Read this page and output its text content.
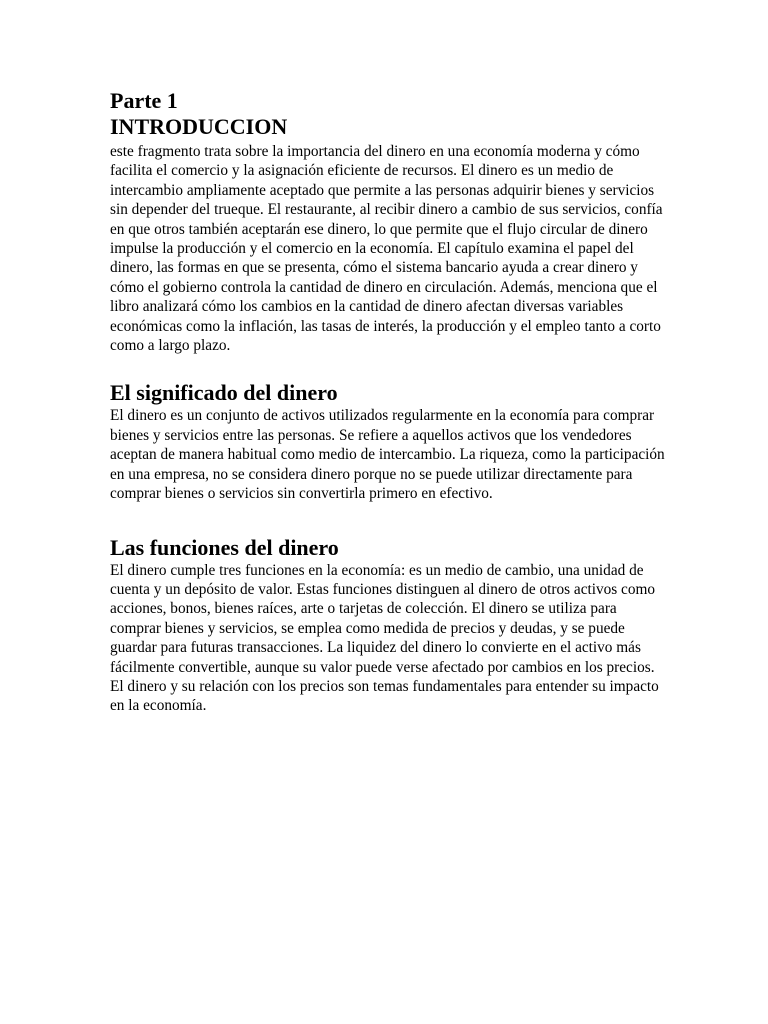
Parte 1
INTRODUCCION

este fragmento trata sobre la importancia del dinero en una economía moderna y cómo facilita el comercio y la asignación eficiente de recursos. El dinero es un medio de intercambio ampliamente aceptado que permite a las personas adquirir bienes y servicios sin depender del trueque. El restaurante, al recibir dinero a cambio de sus servicios, confía en que otros también aceptarán ese dinero, lo que permite que el flujo circular de dinero impulse la producción y el comercio en la economía. El capítulo examina el papel del dinero, las formas en que se presenta, cómo el sistema bancario ayuda a crear dinero y cómo el gobierno controla la cantidad de dinero en circulación. Además, menciona que el libro analizará cómo los cambios en la cantidad de dinero afectan diversas variables económicas como la inflación, las tasas de interés, la producción y el empleo tanto a corto como a largo plazo.

El significado del dinero

El dinero es un conjunto de activos utilizados regularmente en la economía para comprar bienes y servicios entre las personas. Se refiere a aquellos activos que los vendedores aceptan de manera habitual como medio de intercambio. La riqueza, como la participación en una empresa, no se considera dinero porque no se puede utilizar directamente para comprar bienes o servicios sin convertirla primero en efectivo.

Las funciones del dinero

El dinero cumple tres funciones en la economía: es un medio de cambio, una unidad de cuenta y un depósito de valor. Estas funciones distinguen al dinero de otros activos como acciones, bonos, bienes raíces, arte o tarjetas de colección. El dinero se utiliza para comprar bienes y servicios, se emplea como medida de precios y deudas, y se puede guardar para futuras transacciones. La liquidez del dinero lo convierte en el activo más fácilmente convertible, aunque su valor puede verse afectado por cambios en los precios. El dinero y su relación con los precios son temas fundamentales para entender su impacto en la economía.
